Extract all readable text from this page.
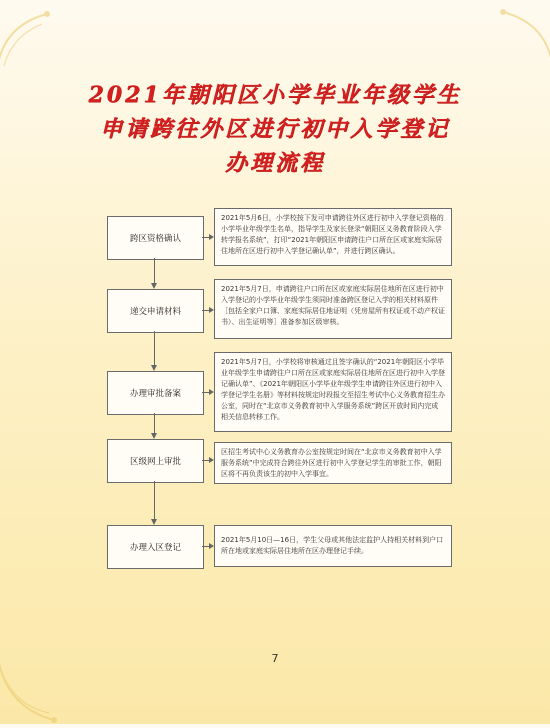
2021年朝阳区小学毕业年级学生
申请跨往外区进行初中入学登记
办理流程
跨区资格确认
2021年5月6日，小学校按下发可申请跨往外区进行初中入学登记资格的小学毕业年级学生名单，指导学生及家长登录“朝阳区义务教育阶段入学转学报名系统”，打印“2021年朝阳区申请跨往户口所在区或家庭实际居住地所在区进行初中入学登记确认单”，并进行跨区确认。
递交申请材料
2021年5月7日，申请跨往户口所在区或家庭实际居住地所在区进行初中入学登记的小学毕业年级学生须同时准备跨区登记入学的相关材料原件［包括全家户口簿、家庭实际居住地证明（凭房屋所有权证或不动产权证书）、出生证明等］准备参加区级审核。
办理审批备案
2021年5月7日，小学校将审核通过且签字确认的“2021年朝阳区小学毕业年级学生申请跨往户口所在区或家庭实际居住地所在区进行初中入学登记确认单”、《2021年朝阳区小学毕业年级学生申请跨往外区进行初中入学登记学生名册》等材料按规定时段报交至招生考试中心义务教育招生办公室，同时在“北京市义务教育初中入学服务系统”跨区开放时间内完成相关信息转移工作。
区级网上审批
区招生考试中心义务教育办公室按规定时间在“北京市义务教育初中入学服务系统”中完成符合跨往外区进行初中入学登记学生的审批工作，朝阳区将不再负责该生的初中入学事宜。
办理入区登记
2021年5月10日—16日，学生父母或其他法定监护人持相关材料到户口所在地或家庭实际居住地所在区办理登记手续。
7
